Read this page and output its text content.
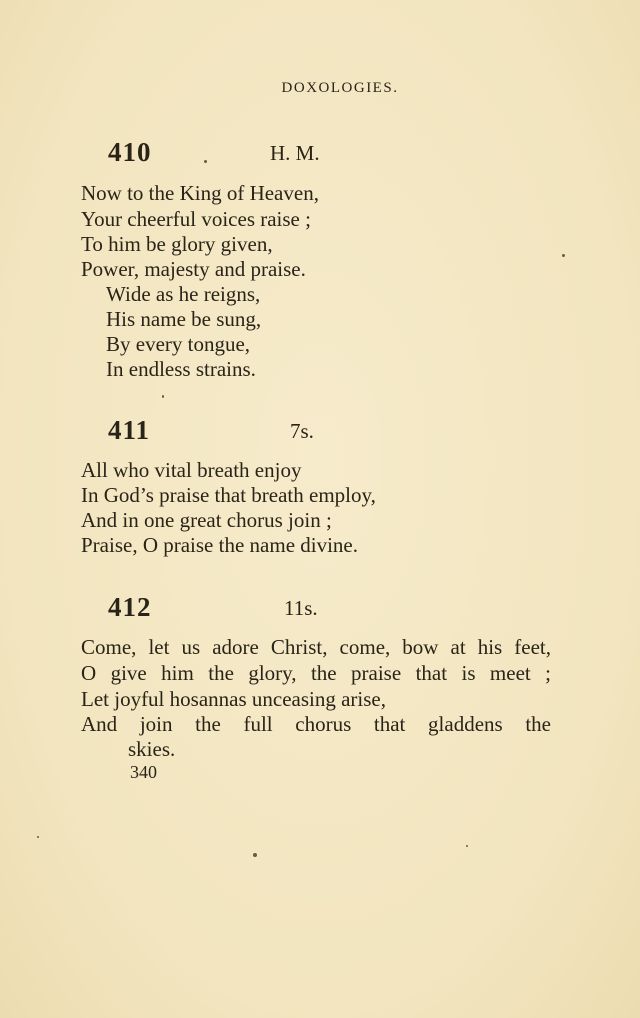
DOXOLOGIES.
410	H. M.
Now to the King of Heaven,
Your cheerful voices raise ;
To him be glory given,
Power, majesty and praise.
Wide as he reigns,
His name be sung,
By every tongue,
In endless strains.
411	7s.
All who vital breath enjoy
In God’s praise that breath employ,
And in one great chorus join ;
Praise, O praise the name divine.
412	11s.
Come, let us adore Christ, come, bow at his feet,
O give him the glory, the praise that is meet ;
Let joyful hosannas unceasing arise,
And join the full chorus that gladdens the
skies.
340
